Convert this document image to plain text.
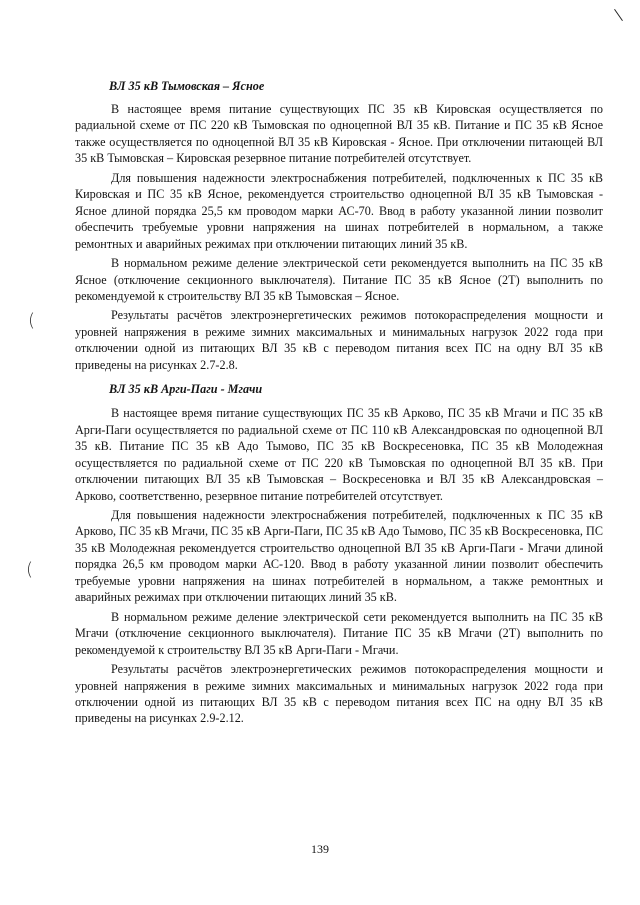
(
(
ВЛ 35 кВ Тымовская – Ясное

В настоящее время питание существующих ПС 35 кВ Кировская осуществляется по радиальной схеме от ПС 220 кВ Тымовская по одноцепной ВЛ 35 кВ. Питание и ПС 35 кВ Ясное также осуществляется по одноцепной ВЛ 35 кВ Кировская - Ясное. При отключении питающей ВЛ 35 кВ Тымовская – Кировская резервное питание потребителей отсутствует.

Для повышения надежности электроснабжения потребителей, подключенных к ПС 35 кВ Кировская и ПС 35 кВ Ясное, рекомендуется строительство одноцепной ВЛ 35 кВ Тымовская - Ясное длиной порядка 25,5 км проводом марки АС-70. Ввод в работу указанной линии позволит обеспечить требуемые уровни напряжения на шинах потребителей в нормальном, а также ремонтных и аварийных режимах при отключении питающих линий 35 кВ.

В нормальном режиме деление электрической сети рекомендуется выполнить на ПС 35 кВ Ясное (отключение секционного выключателя). Питание ПС 35 кВ Ясное (2Т) выполнить по рекомендуемой к строительству ВЛ 35 кВ Тымовская – Ясное.

Результаты расчётов электроэнергетических режимов потокораспределения мощности и уровней напряжения в режиме зимних максимальных и минимальных нагрузок 2022 года при отключении одной из питающих ВЛ 35 кВ с переводом питания всех ПС на одну ВЛ 35 кВ приведены на рисунках 2.7-2.8.

ВЛ 35 кВ Арги-Паги - Мгачи

В настоящее время питание существующих ПС 35 кВ Арково, ПС 35 кВ Мгачи и ПС 35 кВ Арги-Паги осуществляется по радиальной схеме от ПС 110 кВ Александровская по одноцепной ВЛ 35 кВ. Питание ПС 35 кВ Адо Тымово, ПС 35 кВ Воскресеновка, ПС 35 кВ Молодежная осуществляется по радиальной схеме от ПС 220 кВ Тымовская по одноцепной ВЛ 35 кВ. При отключении питающих ВЛ 35 кВ Тымовская – Воскресеновка и ВЛ 35 кВ Александровская – Арково, соответственно, резервное питание потребителей отсутствует.

Для повышения надежности электроснабжения потребителей, подключенных к ПС 35 кВ Арково, ПС 35 кВ Мгачи, ПС 35 кВ Арги-Паги, ПС 35 кВ Адо Тымово, ПС 35 кВ Воскресеновка, ПС 35 кВ Молодежная рекомендуется строительство одноцепной ВЛ 35 кВ Арги-Паги - Мгачи длиной порядка 26,5 км проводом марки АС-120. Ввод в работу указанной линии позволит обеспечить требуемые уровни напряжения на шинах потребителей в нормальном, а также ремонтных и аварийных режимах при отключении питающих линий 35 кВ.

В нормальном режиме деление электрической сети рекомендуется выполнить на ПС 35 кВ Мгачи (отключение секционного выключателя). Питание ПС 35 кВ Мгачи (2Т) выполнить по рекомендуемой к строительству ВЛ 35 кВ Арги-Паги - Мгачи.

Результаты расчётов электроэнергетических режимов потокораспределения мощности и уровней напряжения в режиме зимних максимальных и минимальных нагрузок 2022 года при отключении одной из питающих ВЛ 35 кВ с переводом питания всех ПС на одну ВЛ 35 кВ приведены на рисунках 2.9-2.12.

139
